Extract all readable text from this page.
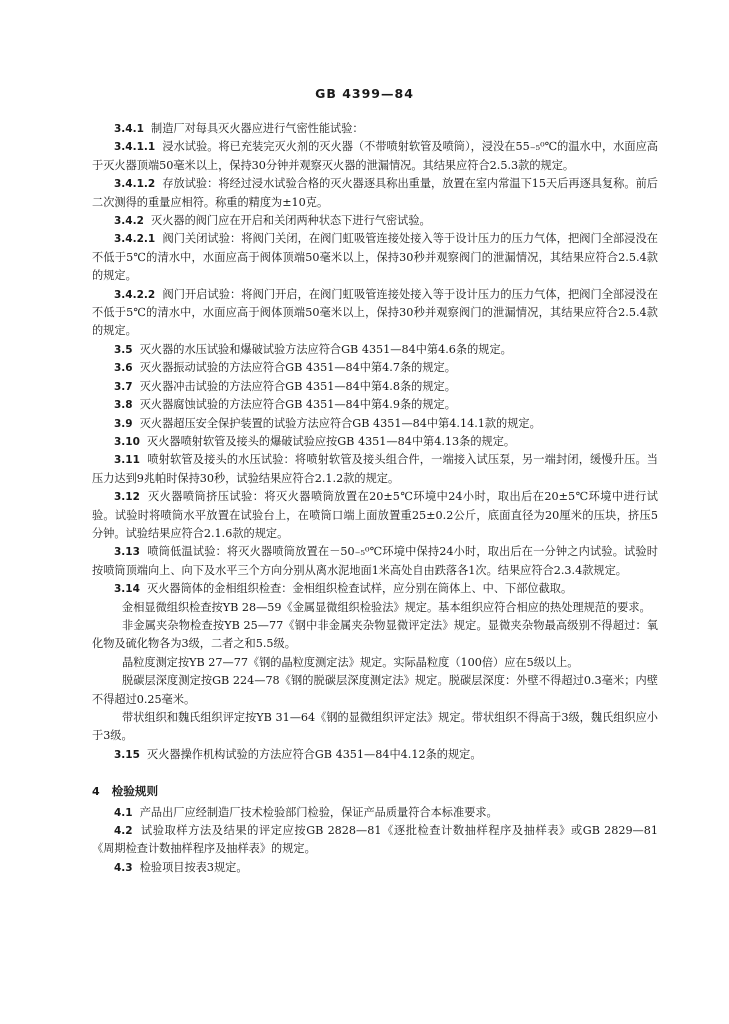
GB 4399—84

3.4.1 制造厂对每具灭火器应进行气密性能试验：

3.4.1.1 浸水试验。将已充装完灭火剂的灭火器（不带喷射软管及喷筒），浸没在55₋₅⁰℃的温水中，水面应高于灭火器顶端50毫米以上，保持30分钟并观察灭火器的泄漏情况。其结果应符合2.5.3款的规定。

3.4.1.2 存放试验：将经过浸水试验合格的灭火器逐具称出重量，放置在室内常温下15天后再逐具复称。前后二次测得的重量应相符。称重的精度为±10克。

3.4.2 灭火器的阀门应在开启和关闭两种状态下进行气密试验。

3.4.2.1 阀门关闭试验：将阀门关闭，在阀门虹吸管连接处接入等于设计压力的压力气体，把阀门全部浸没在不低于5℃的清水中，水面应高于阀体顶端50毫米以上，保持30秒并观察阀门的泄漏情况，其结果应符合2.5.4款的规定。

3.4.2.2 阀门开启试验：将阀门开启，在阀门虹吸管连接处接入等于设计压力的压力气体，把阀门全部浸没在不低于5℃的清水中，水面应高于阀体顶端50毫米以上，保持30秒并观察阀门的泄漏情况，其结果应符合2.5.4款的规定。

3.5 灭火器的水压试验和爆破试验方法应符合GB 4351—84中第4.6条的规定。

3.6 灭火器振动试验的方法应符合GB 4351—84中第4.7条的规定。

3.7 灭火器冲击试验的方法应符合GB 4351—84中第4.8条的规定。

3.8 灭火器腐蚀试验的方法应符合GB 4351—84中第4.9条的规定。

3.9 灭火器超压安全保护装置的试验方法应符合GB 4351—84中第4.14.1款的规定。

3.10 灭火器喷射软管及接头的爆破试验应按GB 4351—84中第4.13条的规定。

3.11 喷射软管及接头的水压试验：将喷射软管及接头组合件，一端接入试压泵，另一端封闭，缓慢升压。当压力达到9兆帕时保持30秒，试验结果应符合2.1.2款的规定。

3.12 灭火器喷筒挤压试验：将灭火器喷筒放置在20±5℃环境中24小时，取出后在20±5℃环境中进行试验。试验时将喷筒水平放置在试验台上，在喷筒口端上面放置重25±0.2公斤，底面直径为20厘米的压块，挤压5分钟。试验结果应符合2.1.6款的规定。

3.13 喷筒低温试验：将灭火器喷筒放置在－50₋₅⁰℃环境中保持24小时，取出后在一分钟之内试验。试验时按喷筒顶端向上、向下及水平三个方向分别从离水泥地面1米高处自由跌落各1次。结果应符合2.3.4款规定。

3.14 灭火器筒体的金相组织检查：金相组织检查试样，应分别在筒体上、中、下部位截取。

金相显微组织检查按YB 28—59《金属显微组织检验法》规定。基本组织应符合相应的热处理规范的要求。

非金属夹杂物检查按YB 25—77《钢中非金属夹杂物显微评定法》规定。显微夹杂物最高级别不得超过：氧化物及硫化物各为3级，二者之和5.5级。

晶粒度测定按YB 27—77《钢的晶粒度测定法》规定。实际晶粒度（100倍）应在5级以上。

脱碳层深度测定按GB 224—78《钢的脱碳层深度测定法》规定。脱碳层深度：外壁不得超过0.3毫米；内壁不得超过0.25毫米。

带状组织和魏氏组织评定按YB 31—64《钢的显微组织评定法》规定。带状组织不得高于3级，魏氏组织应小于3级。

3.15 灭火器操作机构试验的方法应符合GB 4351—84中4.12条的规定。

4 检验规则

4.1 产品出厂应经制造厂技术检验部门检验，保证产品质量符合本标准要求。

4.2 试验取样方法及结果的评定应按GB 2828—81《逐批检查计数抽样程序及抽样表》或GB 2829—81《周期检查计数抽样程序及抽样表》的规定。

4.3 检验项目按表3规定。
